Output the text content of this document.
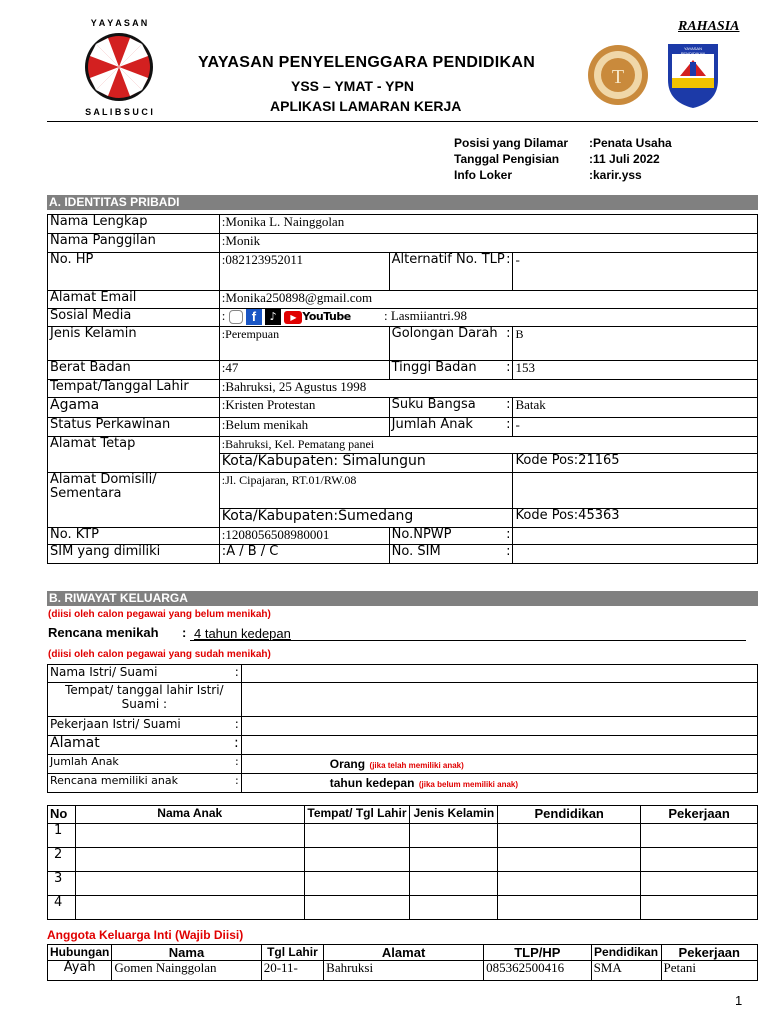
RAHASIA
Y A Y A S A N
S A L I B S U C I
YAYASAN PENYELENGGARA PENDIDIKAN
YSS – YMAT - YPN
APLIKASI LAMARAN KERJA
T
YAYASAN PENDIDIKAN
Posisi yang Dilamar :Penata Usaha
Tanggal Pengisian :11 Juli 2022
Info Loker	:karir.yss
A. IDENTITAS PRIBADI
Nama Lengkap	:Monika L. Nainggolan		
Nama Panggilan	:Monik		
No. HP	:082123952011	Alternatif No. TLP :	-
Alamat Email	:Monika250898@gmail.com		
Sosial Media	:  f ♪ ▶ YouTube : Lasmiiantri.98		
Jenis Kelamin	:Perempuan	Golongan Darah :	B
Berat Badan	:47	Tinggi Badan :	153
Tempat/Tanggal Lahir	:Bahruksi, 25 Agustus 1998		
Agama	:Kristen Protestan	Suku Bangsa :	Batak
Status Perkawinan	:Belum menikah	Jumlah Anak :	-
Alamat Tetap	:Bahruksi, Kel. Pematang panei		
	Kota/Kabupaten: Simalungun		Kode Pos:21165
Alamat Domisili/ Sementara	:Jl. Cipajaran, RT.01/RW.08		
	Kota/Kabupaten:Sumedang		Kode Pos:45363
No. KTP	:1208056508980001	No.NPWP :	

SIM yang dimiliki	:A / B / C	No. SIM :	

B. RIWAYAT KELUARGA
(diisi oleh calon pegawai yang belum menikah)
Rencana menikah : 4 tahun kedepan
(diisi oleh calon pegawai yang sudah menikah)
Nama Istri/ Suami :	

Tempat/ tanggal lahir Istri/ Suami :	
Pekerjaan Istri/ Suami :	

Alamat :	

Jumlah Anak :	Orang (jika telah memiliki anak)
Rencana memiliki anak :	tahun kedepan (jika belum memiliki anak)
No	Nama Anak	Tempat/ Tgl Lahir	Jenis Kelamin	Pendidikan	Pekerjaan
1					
2					
3					
4					
Anggota Keluarga Inti (Wajib Diisi)
Hubungan	Nama	Tgl Lahir	Alamat	TLP/HP	Pendidikan	Pekerjaan
Ayah	Gomen Nainggolan	20-11-	Bahruksi	085362500416	SMA	Petani
1
